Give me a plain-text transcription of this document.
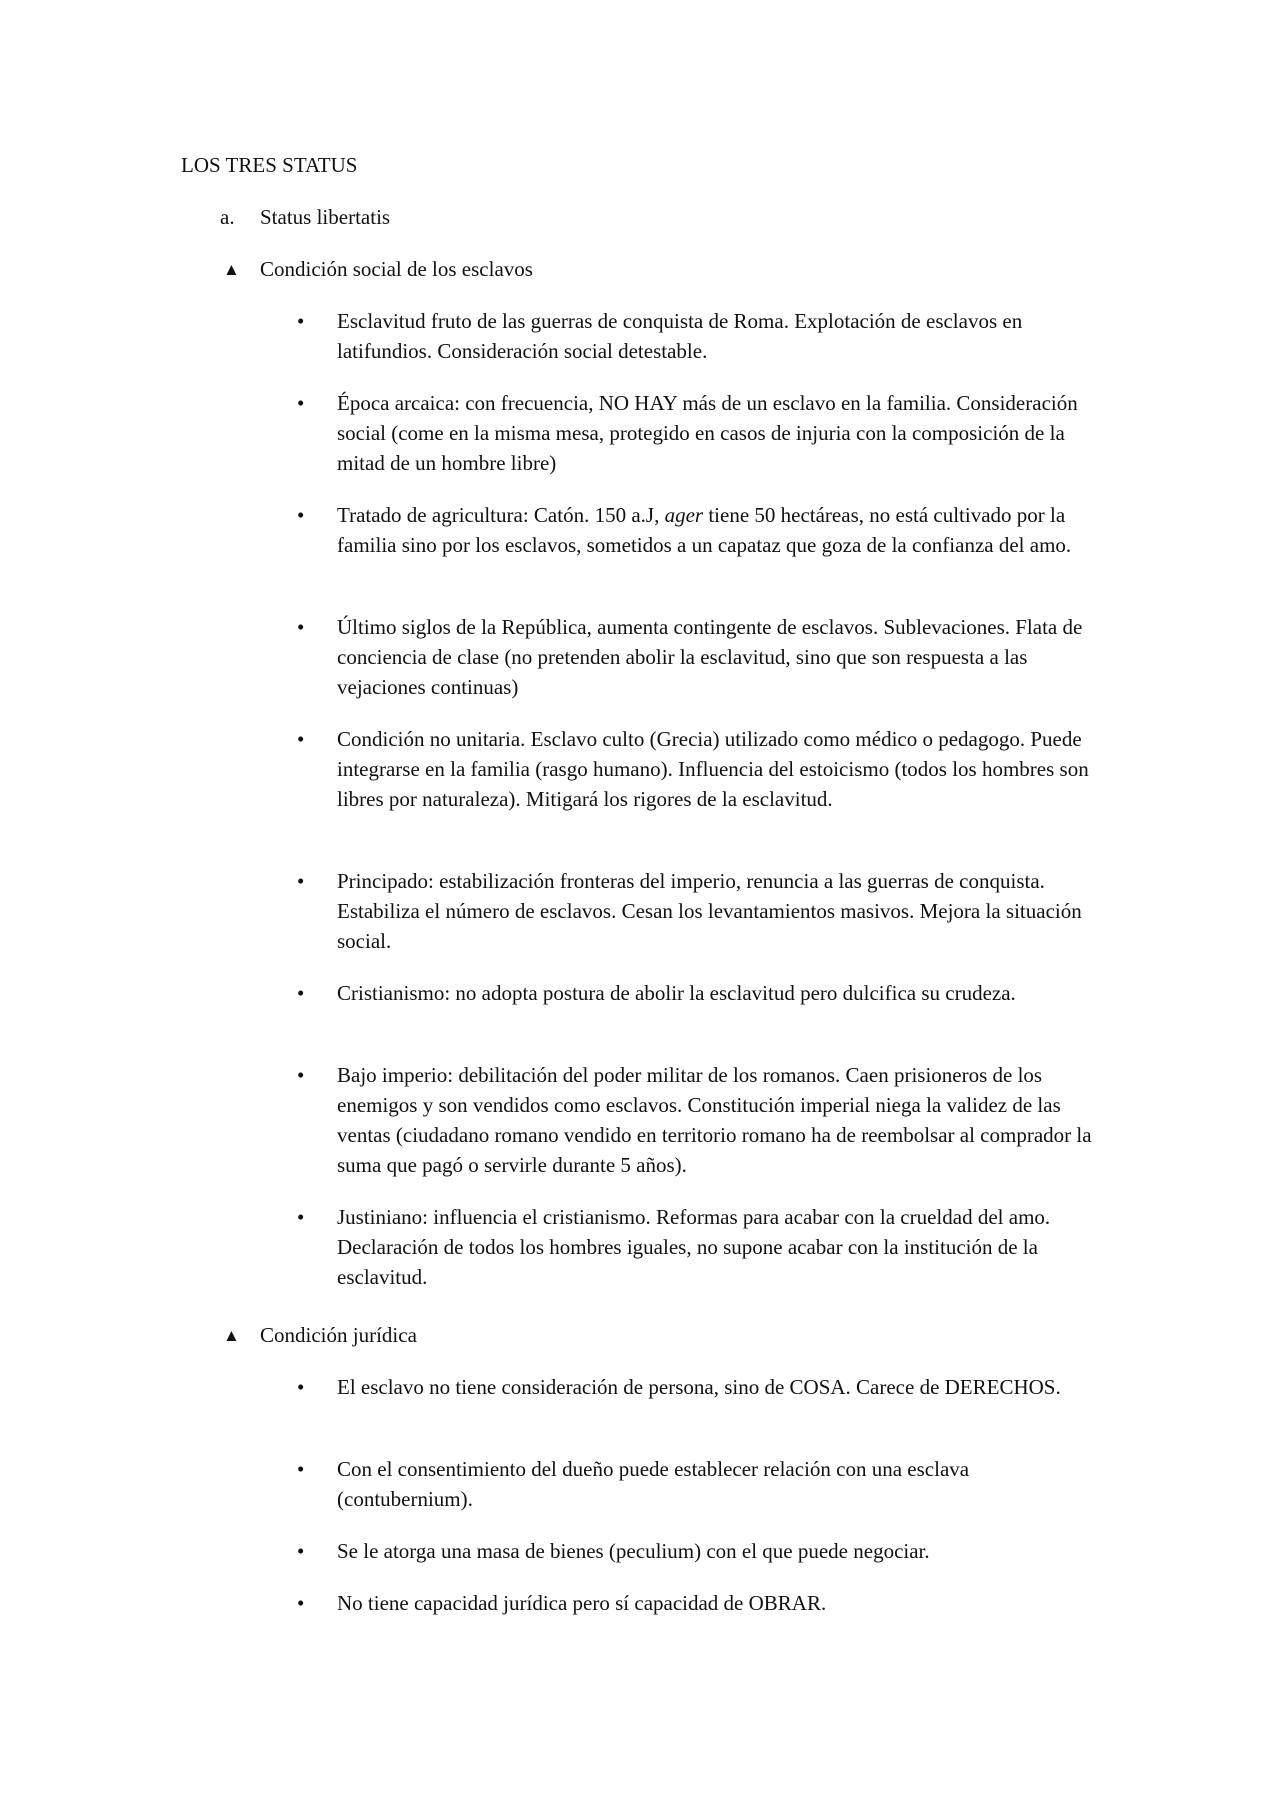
LOS TRES STATUS
a. Status libertatis
▲ Condición social de los esclavos
• Esclavitud fruto de las guerras de conquista de Roma. Explotación de esclavos en latifundios. Consideración social detestable.
• Época arcaica: con frecuencia, NO HAY más de un esclavo en la familia. Consideración social (come en la misma mesa, protegido en casos de injuria con la composición de la mitad de un hombre libre)
• Tratado de agricultura: Catón. 150 a.J, ager tiene 50 hectáreas, no está cultivado por la familia sino por los esclavos, sometidos a un capataz que goza de la confianza del amo.
• Último siglos de la República, aumenta contingente de esclavos. Sublevaciones. Flata de conciencia de clase (no pretenden abolir la esclavitud, sino que son respuesta a las vejaciones continuas)
• Condición no unitaria. Esclavo culto (Grecia) utilizado como médico o pedagogo. Puede integrarse en la familia (rasgo humano). Influencia del estoicismo (todos los hombres son libres por naturaleza). Mitigará los rigores de la esclavitud.
• Principado: estabilización fronteras del imperio, renuncia a las guerras de conquista. Estabiliza el número de esclavos. Cesan los levantamientos masivos. Mejora la situación social.
• Cristianismo: no adopta postura de abolir la esclavitud pero dulcifica su crudeza.
• Bajo imperio: debilitación del poder militar de los romanos. Caen prisioneros de los enemigos y son vendidos como esclavos. Constitución imperial niega la validez de las ventas (ciudadano romano vendido en territorio romano ha de reembolsar al comprador la suma que pagó o servirle durante 5 años).
• Justiniano: influencia el cristianismo. Reformas para acabar con la crueldad del amo. Declaración de todos los hombres iguales, no supone acabar con la institución de la esclavitud.
▲ Condición jurídica
• El esclavo no tiene consideración de persona, sino de COSA. Carece de DERECHOS.
• Con el consentimiento del dueño puede establecer relación con una esclava (contubernium).
• Se le atorga una masa de bienes (peculium) con el que puede negociar.
• No tiene capacidad jurídica pero sí capacidad de OBRAR.
